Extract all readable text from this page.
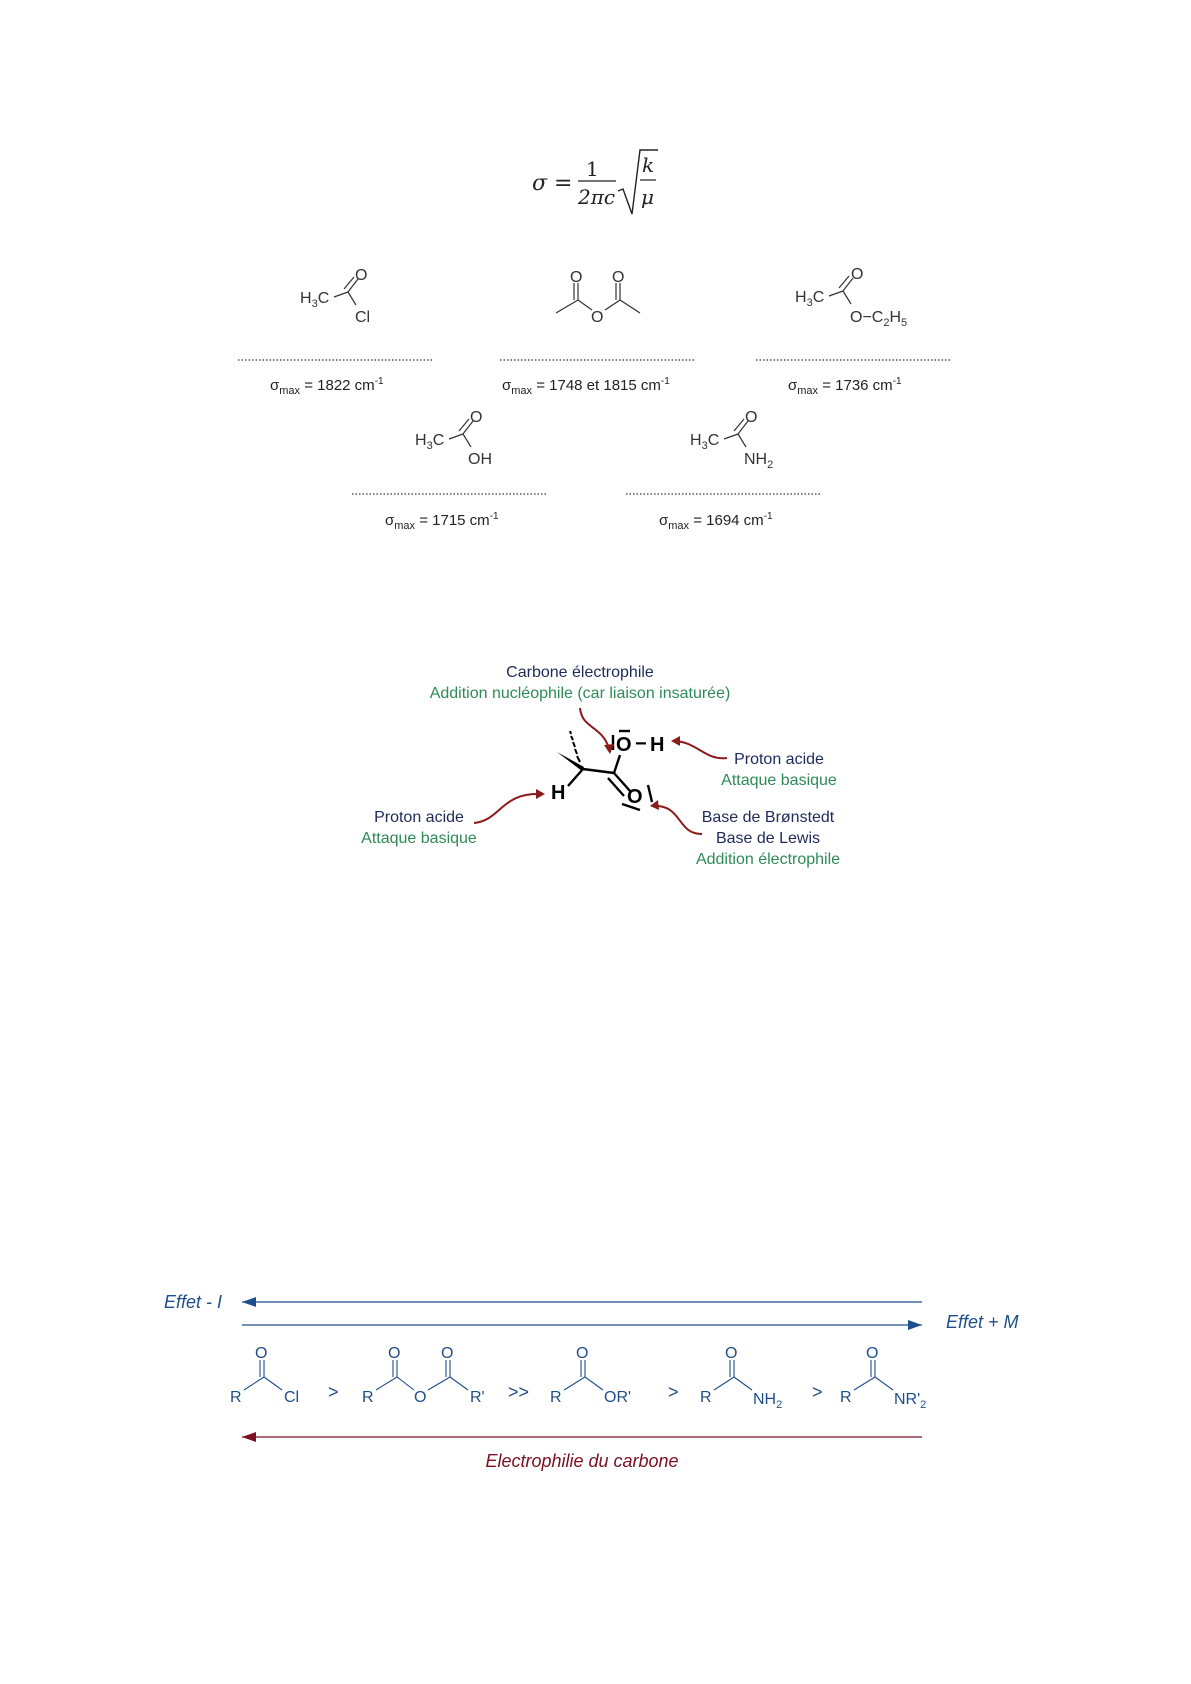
σ =
1
2πc
k
μ
$H_3C$
O
Cl
$\sigma_{max} = 1822$ $cm^{-1}$
O
O
O
$\sigma_{max} = 1748$ et 1815 $cm^{-1}$
$H_3C$
O
$O-C_2H_5$
$\sigma_{max} = 1736$ $cm^{-1}$
$H_3C$
O
OH
$\sigma_{max} = 1715$ $cm^{-1}$
$H_3C$
O
$NH_2$
$\sigma_{max} = 1694$ $cm^{-1}$
Carbone électrophile
Addition nucléophile (car liaison insaturée)
Proton acide
Attaque basique
Proton acide
Attaque basique
Base de Brønstedt
Base de Lewis
Addition électrophile
O − H
O
H
Effet - I
Effet + M
R
O
Cl > R
O
O
O
R' >> R
O
OR' > R
O
$NH_2$
> R
O
$NR'_2$
Electrophilie du carbone
